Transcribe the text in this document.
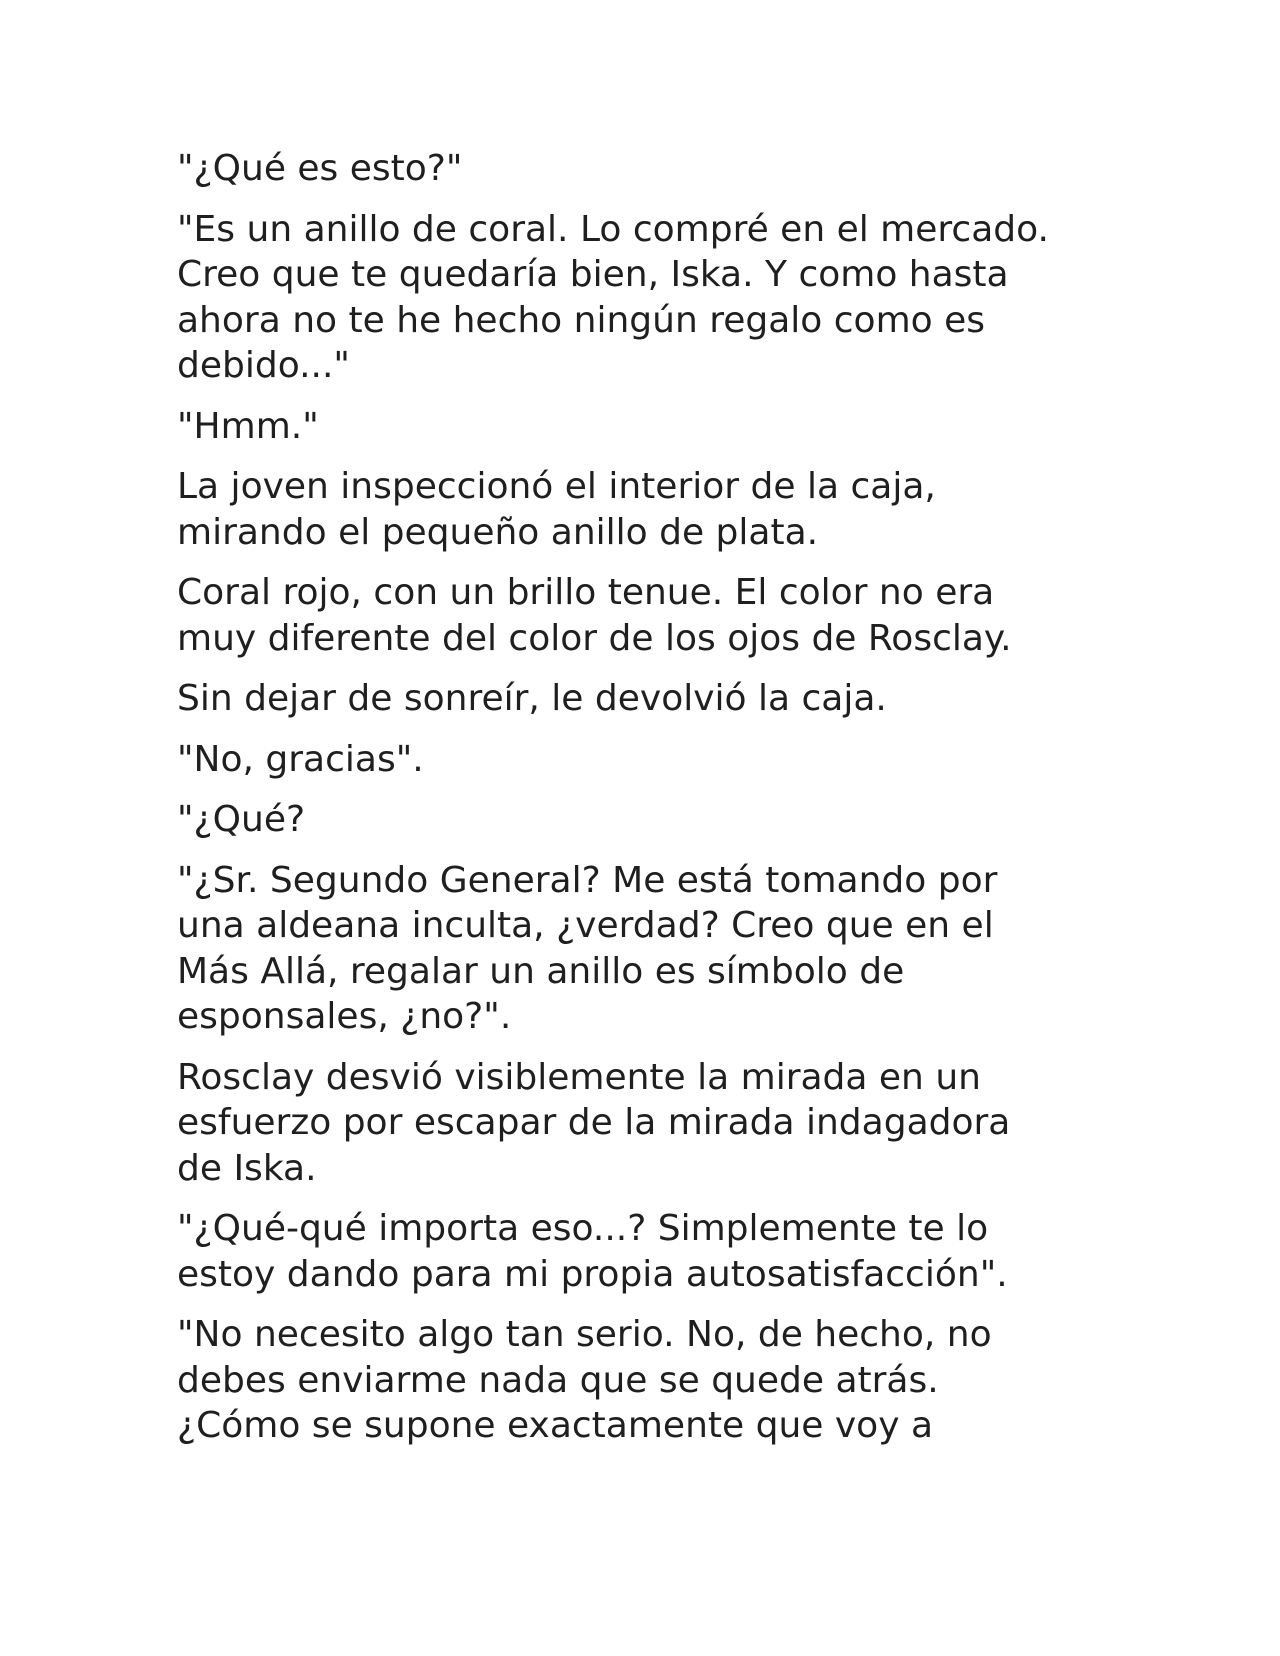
"¿Qué es esto?"

"Es un anillo de coral. Lo compré en el mercado.
Creo que te quedaría bien, Iska. Y como hasta
ahora no te he hecho ningún regalo como es
debido..."

"Hmm."

La joven inspeccionó el interior de la caja,
mirando el pequeño anillo de plata.

Coral rojo, con un brillo tenue. El color no era
muy diferente del color de los ojos de Rosclay.

Sin dejar de sonreír, le devolvió la caja.

"No, gracias".

"¿Qué?

"¿Sr. Segundo General? Me está tomando por
una aldeana inculta, ¿verdad? Creo que en el
Más Allá, regalar un anillo es símbolo de
esponsales, ¿no?".

Rosclay desvió visiblemente la mirada en un
esfuerzo por escapar de la mirada indagadora
de Iska.

"¿Qué-qué importa eso...? Simplemente te lo
estoy dando para mi propia autosatisfacción".

"No necesito algo tan serio. No, de hecho, no
debes enviarme nada que se quede atrás.
¿Cómo se supone exactamente que voy a
